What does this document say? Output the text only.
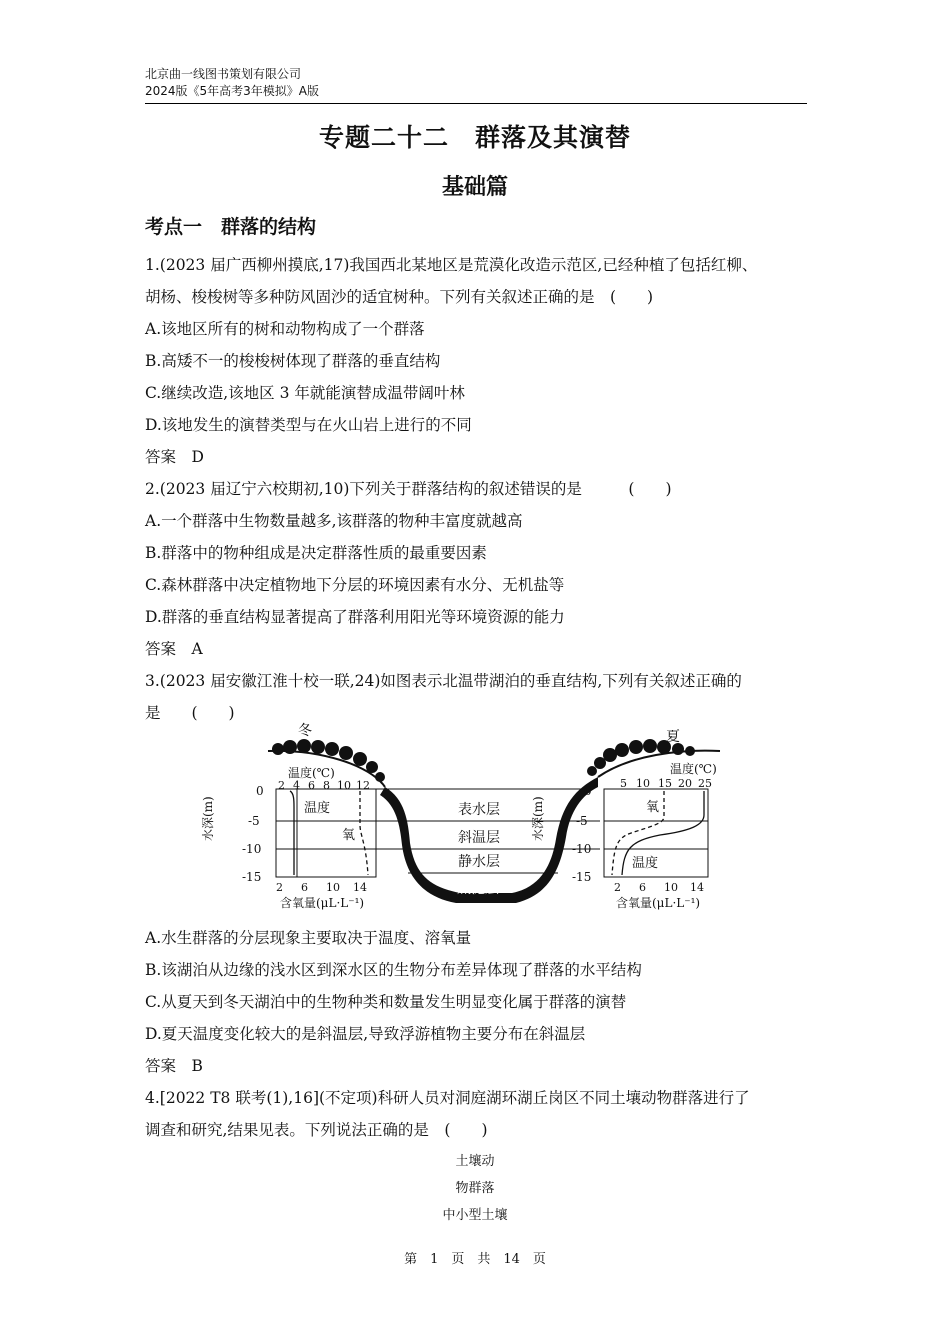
北京曲一线图书策划有限公司
2024版《5年高考3年模拟》A版
专题二十二　群落及其演替
基础篇
考点一　群落的结构
1.(2023 届广西柳州摸底,17)我国西北某地区是荒漠化改造示范区,已经种植了包括红柳、
胡杨、梭梭树等多种防风固沙的适宜树种。下列有关叙述正确的是　(　　)
A.该地区所有的树和动物构成了一个群落
B.高矮不一的梭梭树体现了群落的垂直结构
C.继续改造,该地区 3 年就能演替成温带阔叶林
D.该地发生的演替类型与在火山岩上进行的不同
答案　D
2.(2023 届辽宁六校期初,10)下列关于群落结构的叙述错误的是　　　(　　)
A.一个群落中生物数量越多,该群落的物种丰富度就越高
B.群落中的物种组成是决定群落性质的最重要因素
C.森林群落中决定植物地下分层的环境因素有水分、无机盐等
D.群落的垂直结构显著提高了群落利用阳光等环境资源的能力
答案　A
3.(2023 届安徽江淮十校一联,24)如图表示北温带湖泊的垂直结构,下列有关叙述正确的
是　　(　　)
冬	夏
表水层
斜温层
静水层
底泥层
温度(℃)
2 4 6 8 10 12
0
-5
-10
-15
水深(m)	温度
氧
2 6 10 14
含氧量(μL·L⁻¹)
温度(℃)
5 10 15 20 25
0
-5
-10
-15
水深(m)	氧
温度
2 6 10 14
含氧量(μL·L⁻¹)
A.水生群落的分层现象主要取决于温度、溶氧量
B.该湖泊从边缘的浅水区到深水区的生物分布差异体现了群落的水平结构
C.从夏天到冬天湖泊中的生物种类和数量发生明显变化属于群落的演替
D.夏天温度变化较大的是斜温层,导致浮游植物主要分布在斜温层
答案　B
4.[2022 T8 联考(1),16](不定项)科研人员对洞庭湖环湖丘岗区不同土壤动物群落进行了
调查和研究,结果见表。下列说法正确的是　(　　)
土壤动
物群落
中小型土壤
第　1　页　共　14　页
